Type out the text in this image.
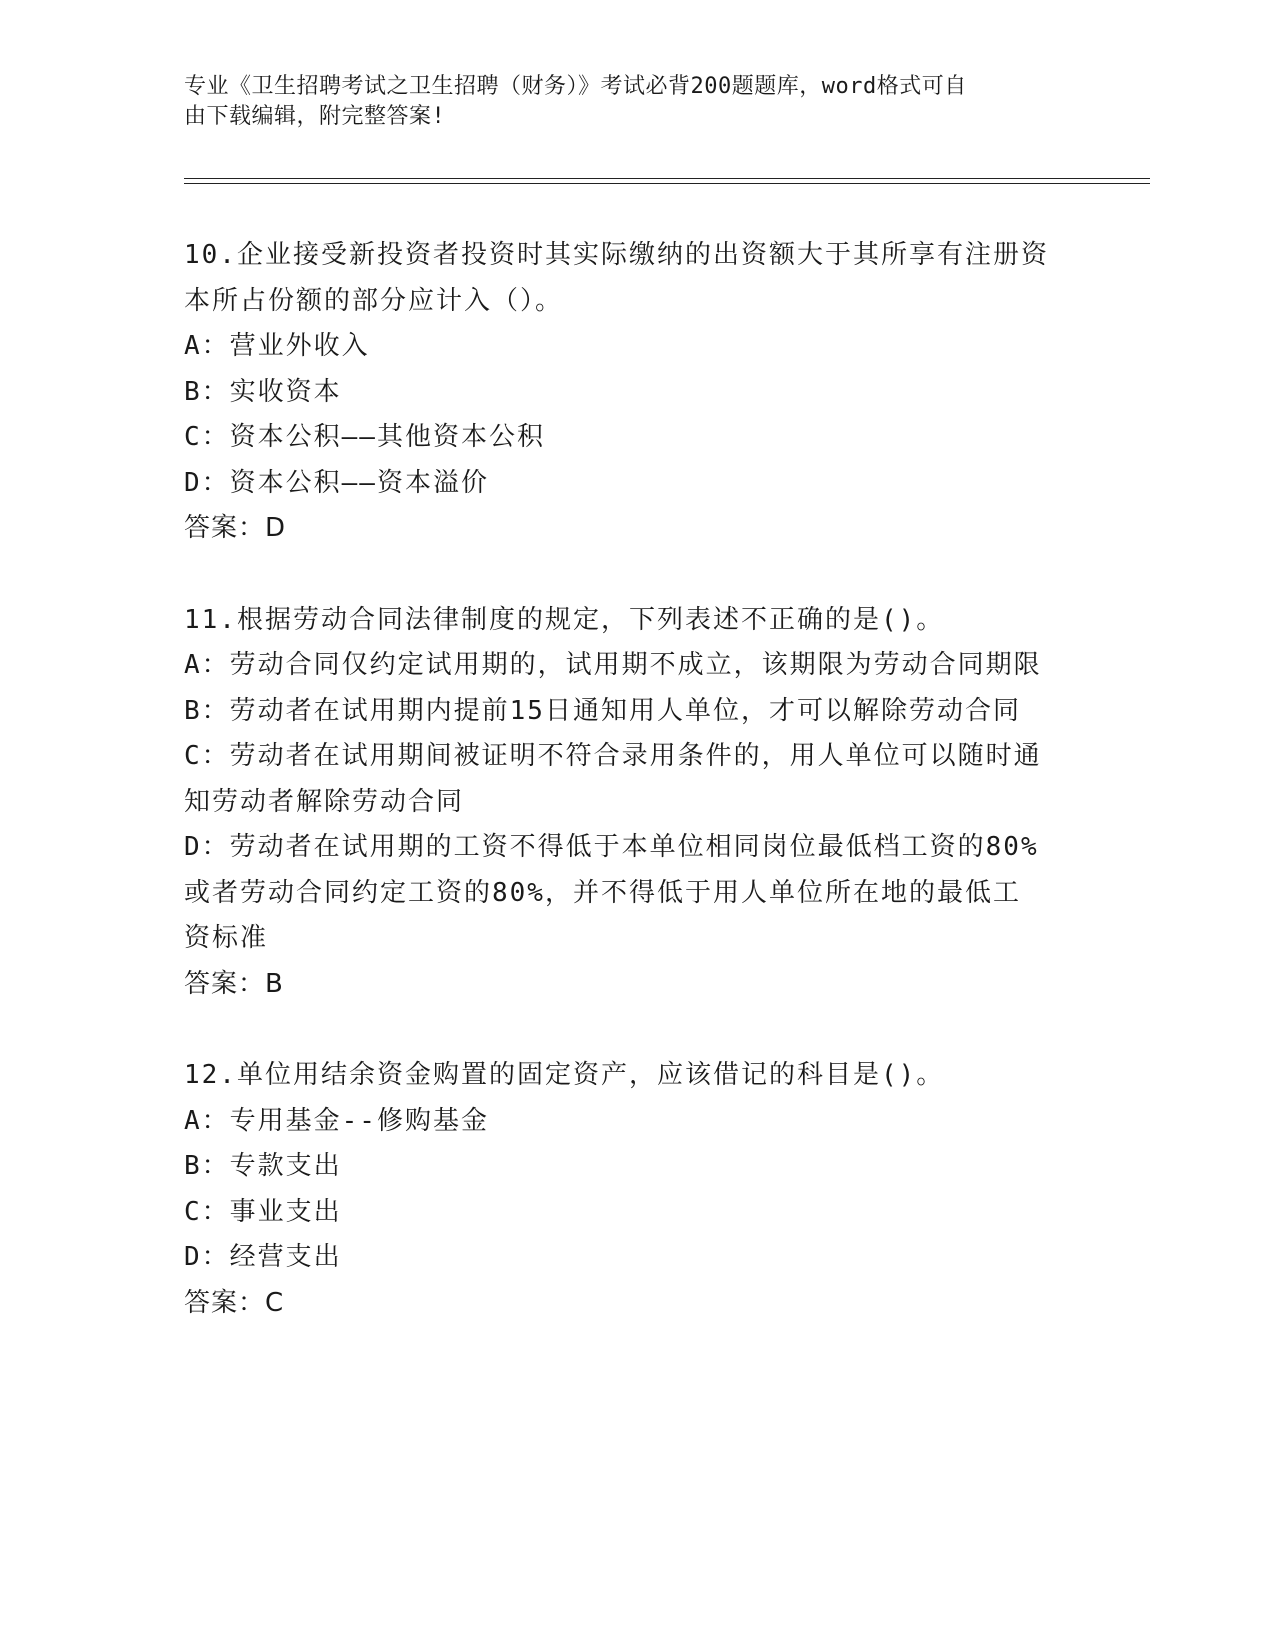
专业《卫生招聘考试之卫生招聘（财务）》考试必背200题题库，word格式可自
由下载编辑，附完整答案!
10.企业接受新投资者投资时其实际缴纳的出资额大于其所享有注册资
本所占份额的部分应计入（）。
A：营业外收入
B：实收资本
C：资本公积——其他资本公积
D：资本公积——资本溢价
答案：D
11.根据劳动合同法律制度的规定，下列表述不正确的是()。
A：劳动合同仅约定试用期的，试用期不成立，该期限为劳动合同期限
B：劳动者在试用期内提前15日通知用人单位，才可以解除劳动合同
C：劳动者在试用期间被证明不符合录用条件的，用人单位可以随时通
知劳动者解除劳动合同
D：劳动者在试用期的工资不得低于本单位相同岗位最低档工资的80%
或者劳动合同约定工资的80%，并不得低于用人单位所在地的最低工
资标准
答案：B
12.单位用结余资金购置的固定资产，应该借记的科目是()。
A：专用基金--修购基金
B：专款支出
C：事业支出
D：经营支出
答案：C
